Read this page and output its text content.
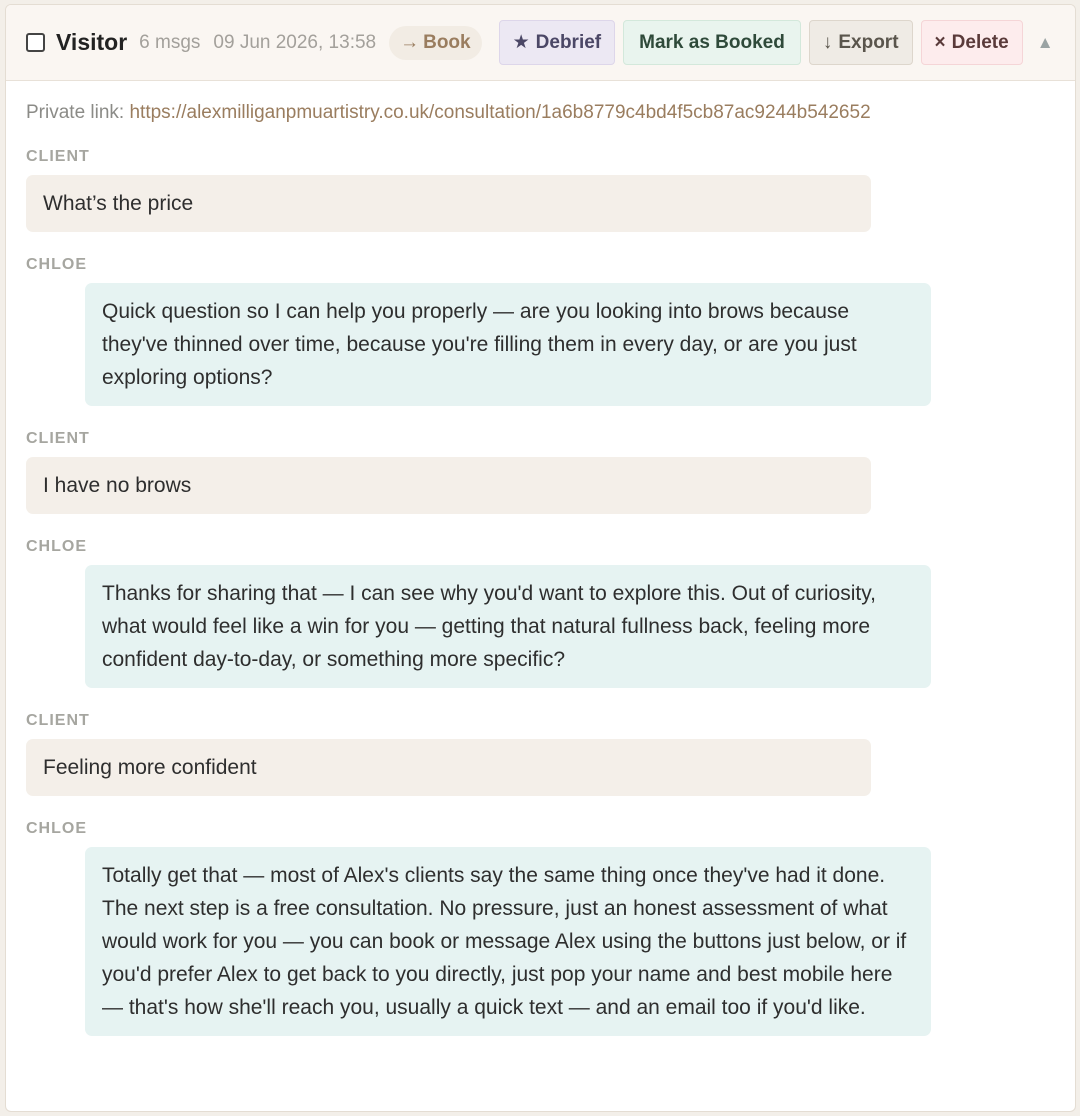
Visitor 6 msgs 09 Jun 2026, 13:58 → Book ★ Debrief Mark as Booked ↓ Export × Delete ▲
Private link: https://alexmilliganpmuartistry.co.uk/consultation/1a6b8779c4bd4f5cb87ac9244b542652
CLIENT
What’s the price
CHLOE
Quick question so I can help you properly — are you looking into brows because they've thinned over time, because you're filling them in every day, or are you just exploring options?
CLIENT
I have no brows
CHLOE
Thanks for sharing that — I can see why you'd want to explore this. Out of curiosity, what would feel like a win for you — getting that natural fullness back, feeling more confident day-to-day, or something more specific?
CLIENT
Feeling more confident
CHLOE
Totally get that — most of Alex's clients say the same thing once they've had it done. The next step is a free consultation. No pressure, just an honest assessment of what would work for you — you can book or message Alex using the buttons just below, or if you'd prefer Alex to get back to you directly, just pop your name and best mobile here — that's how she'll reach you, usually a quick text — and an email too if you'd like.
